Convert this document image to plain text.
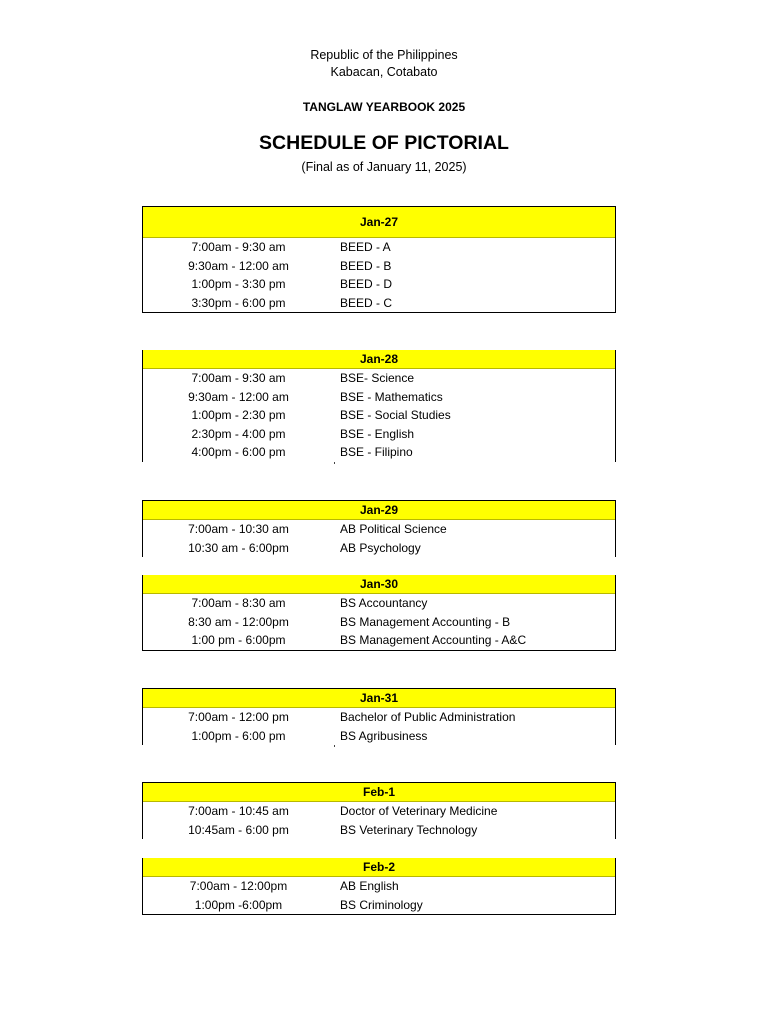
Republic of the Philippines
Kabacan, Cotabato
TANGLAW YEARBOOK 2025
SCHEDULE OF PICTORIAL
(Final as of January 11, 2025)
Jan-27
7:00am - 9:30 am	BEED - A
9:30am - 12:00 am	BEED - B
1:00pm - 3:30 pm	BEED - D
3:30pm - 6:00 pm	BEED - C
Jan-28
7:00am - 9:30 am	BSE- Science
9:30am - 12:00 am	BSE - Mathematics
1:00pm - 2:30 pm	BSE - Social Studies
2:30pm - 4:00 pm	BSE - English
4:00pm - 6:00 pm	BSE - Filipino
Jan-29
7:00am - 10:30 am	AB Political Science
10:30 am - 6:00pm	AB Psychology
Jan-30
7:00am - 8:30 am	BS Accountancy
8:30 am - 12:00pm	BS Management Accounting - B
1:00 pm - 6:00pm	BS Management Accounting - A&C
Jan-31
7:00am - 12:00 pm	Bachelor of Public Administration
1:00pm - 6:00 pm	BS Agribusiness
Feb-1
7:00am - 10:45 am	Doctor of Veterinary Medicine
10:45am - 6:00 pm	BS Veterinary Technology
Feb-2
7:00am - 12:00pm	AB English
1:00pm -6:00pm	BS Criminology
